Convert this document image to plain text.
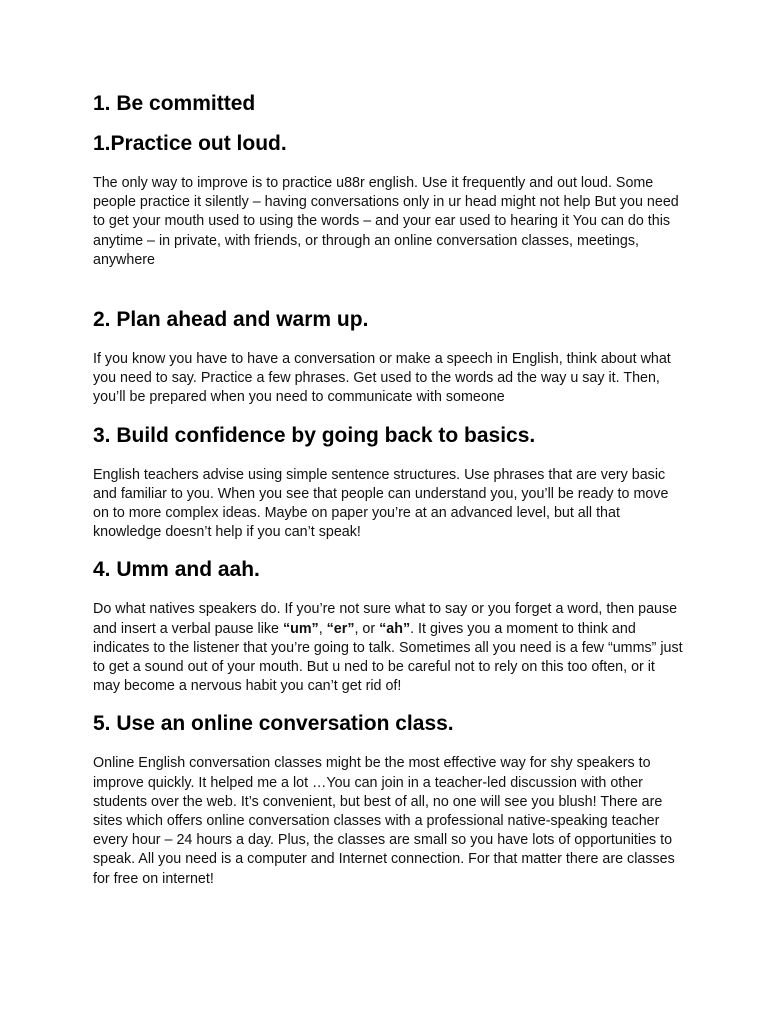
1. Be committed
1.Practice out loud.

The only way to improve is to practice u88r english. Use it frequently and out loud. Some people practice it silently – having conversations only in ur head might not help But you need to get your mouth used to using the words – and your ear used to hearing it You can do this anytime – in private, with friends, or through an online conversation classes, meetings, anywhere

2. Plan ahead and warm up.

If you know you have to have a conversation or make a speech in English, think about what you need to say. Practice a few phrases. Get used to the words ad the way u say it. Then, you’ll be prepared when you need to communicate with someone

3. Build confidence by going back to basics.

English teachers advise using simple sentence structures. Use phrases that are very basic and familiar to you. When you see that people can understand you, you’ll be ready to move on to more complex ideas. Maybe on paper you’re at an advanced level, but all that knowledge doesn’t help if you can’t speak!

4. Umm and aah.

Do what natives speakers do. If you’re not sure what to say or you forget a word, then pause and insert a verbal pause like “um”, “er”, or “ah”. It gives you a moment to think and indicates to the listener that you’re going to talk. Sometimes all you need is a few “umms” just to get a sound out of your mouth. But u ned to be careful not to rely on this too often, or it may become a nervous habit you can’t get rid of!

5. Use an online conversation class.

Online English conversation classes might be the most effective way for shy speakers to improve quickly. It helped me a lot …You can join in a teacher-led discussion with other students over the web. It’s convenient, but best of all, no one will see you blush! There are sites which offers online conversation classes with a professional native-speaking teacher every hour – 24 hours a day. Plus, the classes are small so you have lots of opportunities to speak. All you need is a computer and Internet connection. For that matter there are classes for free on internet!
